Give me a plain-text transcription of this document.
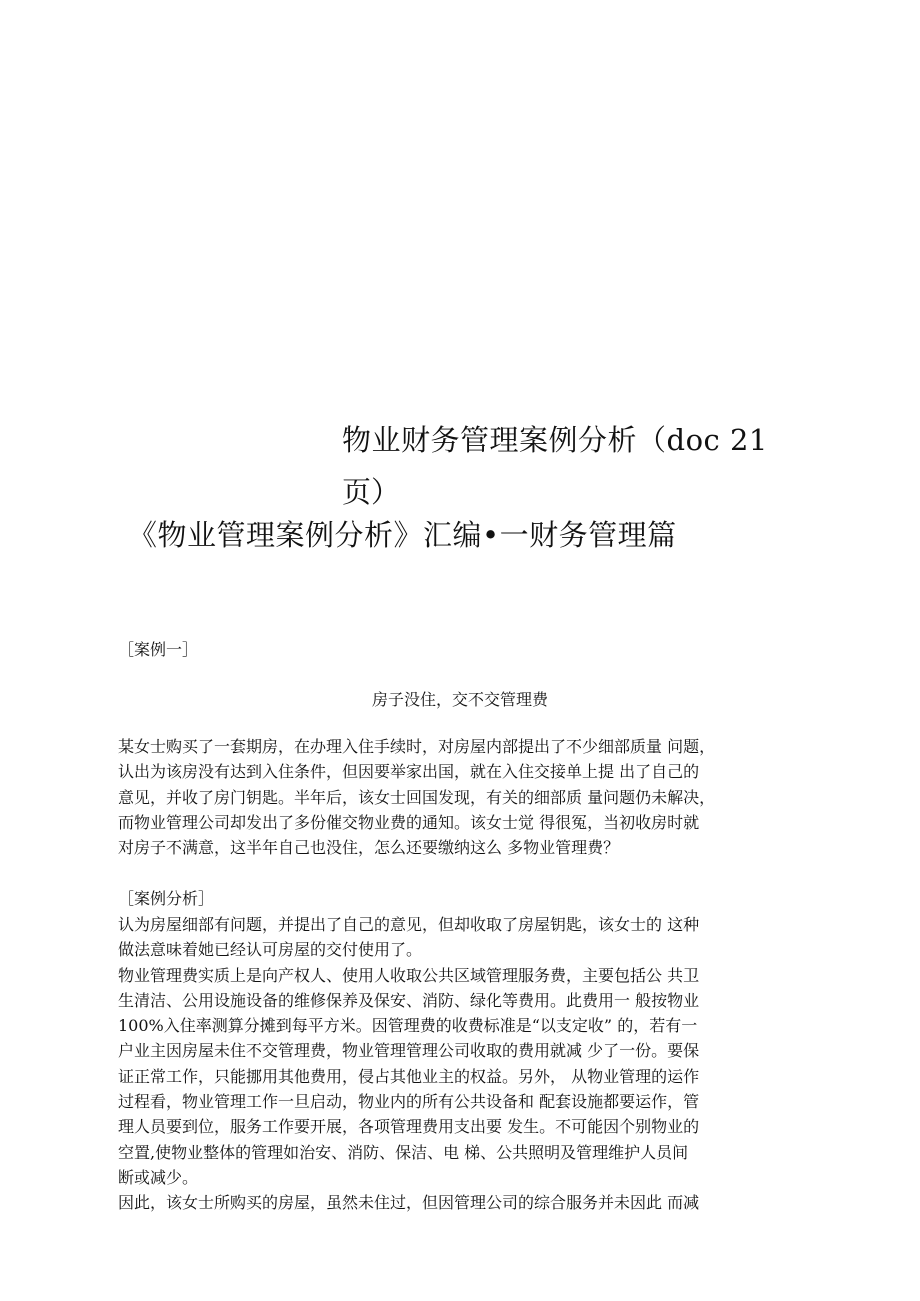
物业财务管理案例分析（doc 21
页）
《物业管理案例分析》汇编•一财务管理篇
［案例一］
房子没住，交不交管理费
某女士购买了一套期房，在办理入住手续时，对房屋内部提出了不少细部质量 问题，
认出为该房没有达到入住条件，但因要举家出国，就在入住交接单上提 出了自己的
意见，并收了房门钥匙。半年后，该女士回国发现，有关的细部质 量问题仍未解决，
而物业管理公司却发出了多份催交物业费的通知。该女士觉 得很冤，当初收房时就
对房子不满意，这半年自己也没住，怎么还要缴纳这么 多物业管理费？
［案例分析］
认为房屋细部有问题，并提出了自己的意见，但却收取了房屋钥匙，该女士的 这种
做法意味着她已经认可房屋的交付使用了。
物业管理费实质上是向产权人、使用人收取公共区域管理服务费，主要包括公 共卫
生清洁、公用设施设备的维修保养及保安、消防、绿化等费用。此费用一 般按物业
100%入住率测算分摊到每平方米。因管理费的收费标准是“以支定收” 的，若有一
户业主因房屋未住不交管理费，物业管理管理公司收取的费用就减 少了一份。要保
证正常工作，只能挪用其他费用，侵占其他业主的权益。另外， 从物业管理的运作
过程看，物业管理工作一旦启动，物业内的所有公共设备和 配套设施都要运作，管
理人员要到位，服务工作要开展，各项管理费用支出要 发生。不可能因个别物业的
空置,使物业整体的管理如治安、消防、保洁、电 梯、公共照明及管理维护人员间
断或减少。
因此，该女士所购买的房屋，虽然未住过，但因管理公司的综合服务并未因此 而减
